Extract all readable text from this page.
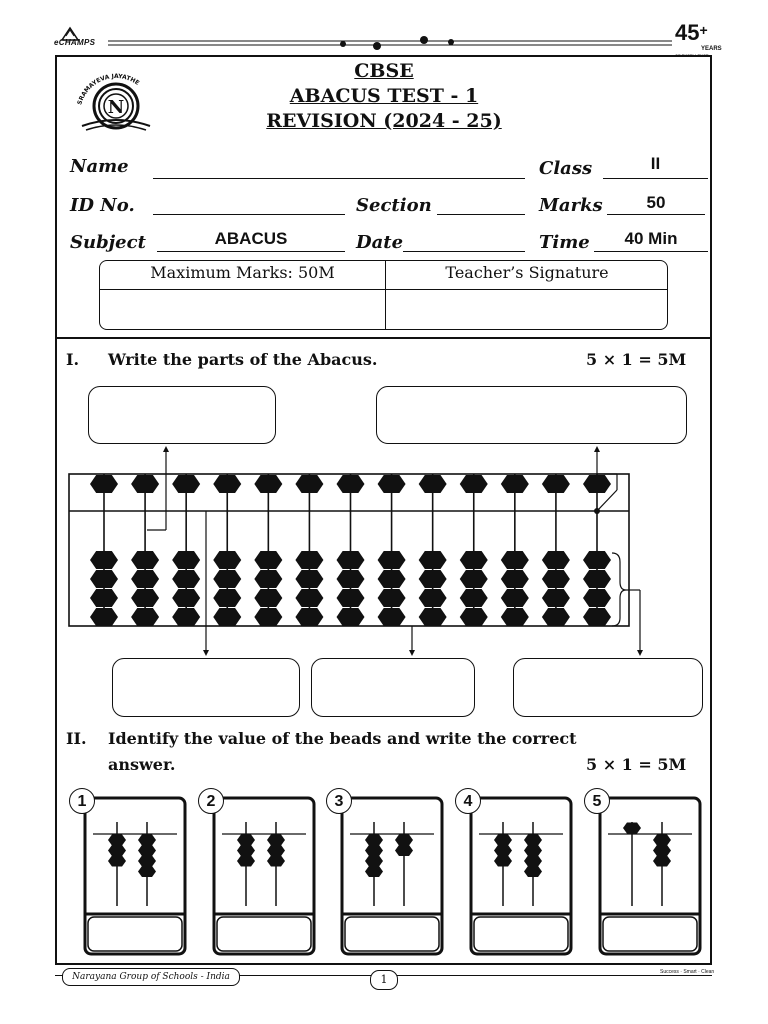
eCHAMPS	45+
YEARS
OF EXCELLENCE
SRAMAYEVA JAYATHE
N
CBSE
ABACUS TEST - 1
REVISION (2024 - 25)
Name	Class	II
ID No.	Section	Marks	50
Subject	ABACUS	Date	Time	40 Min
Maximum Marks: 50M	Teacher’s Signature
I. Write the parts of the Abacus.	5 × 1 = 5M
II. Identify the value of the beads and write the correct
answer.	5 × 1 = 5M
1	2	3	4	5
Narayana Group of Schools - India	1
Success · Smart · Clean
